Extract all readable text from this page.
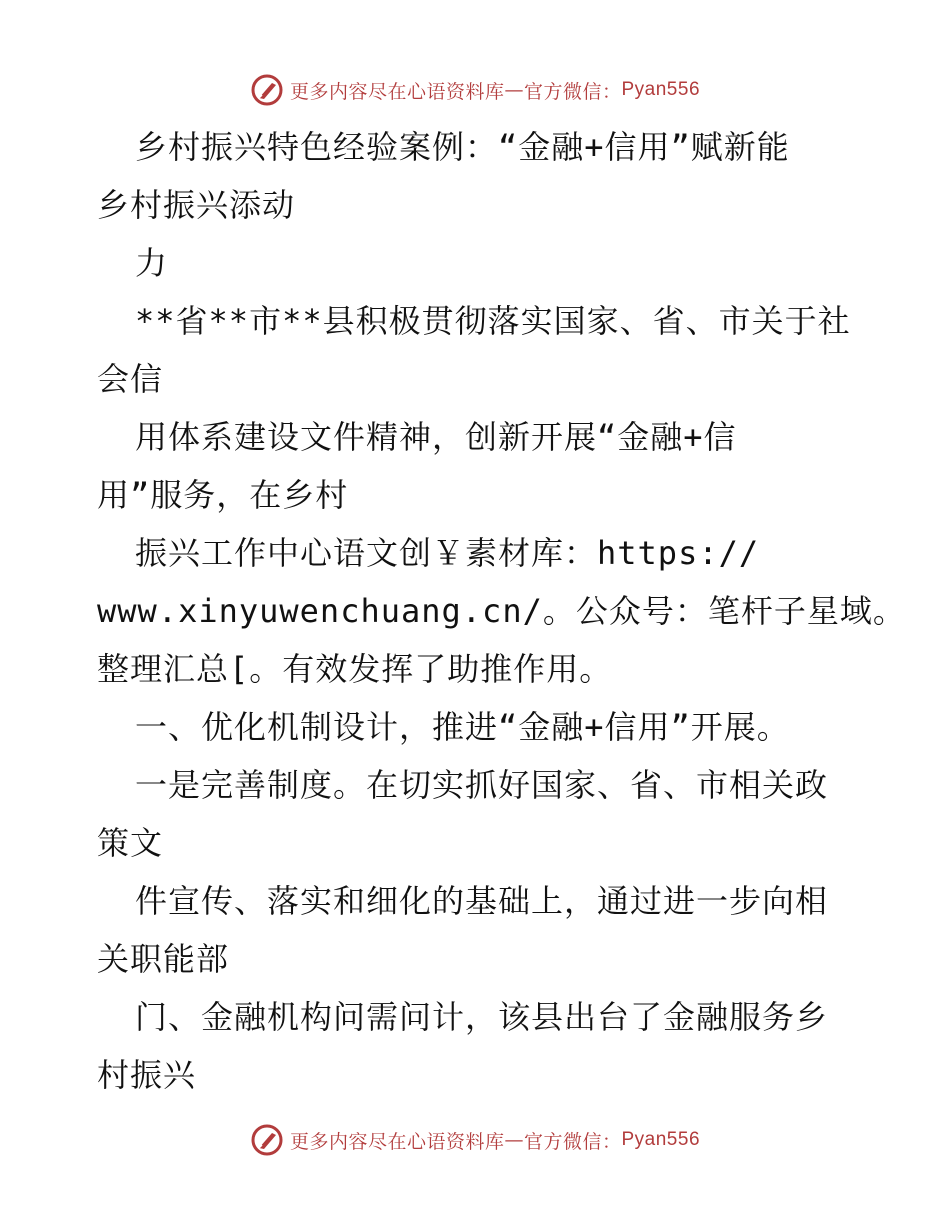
更多内容尽在心语资料库 — 官方微信： Pyan556
乡村振兴特色经验案例：“金融+信用”赋新能
乡村振兴添动
力
**省**市**县积极贯彻落实国家、省、市关于社
会信
用体系建设文件精神，创新开展“金融+信
用”服务，在乡村
振兴工作中心语文创￥素材库：https://
www.xinyuwenchuang.cn/。公众号：笔杆子星域。
整理汇总[。有效发挥了助推作用。
一、优化机制设计，推进“金融+信用”开展。
一是完善制度。在切实抓好国家、省、市相关政
策文
件宣传、落实和细化的基础上，通过进一步向相
关职能部
门、金融机构问需问计，该县出台了金融服务乡
村振兴
更多内容尽在心语资料库 — 官方微信： Pyan556
